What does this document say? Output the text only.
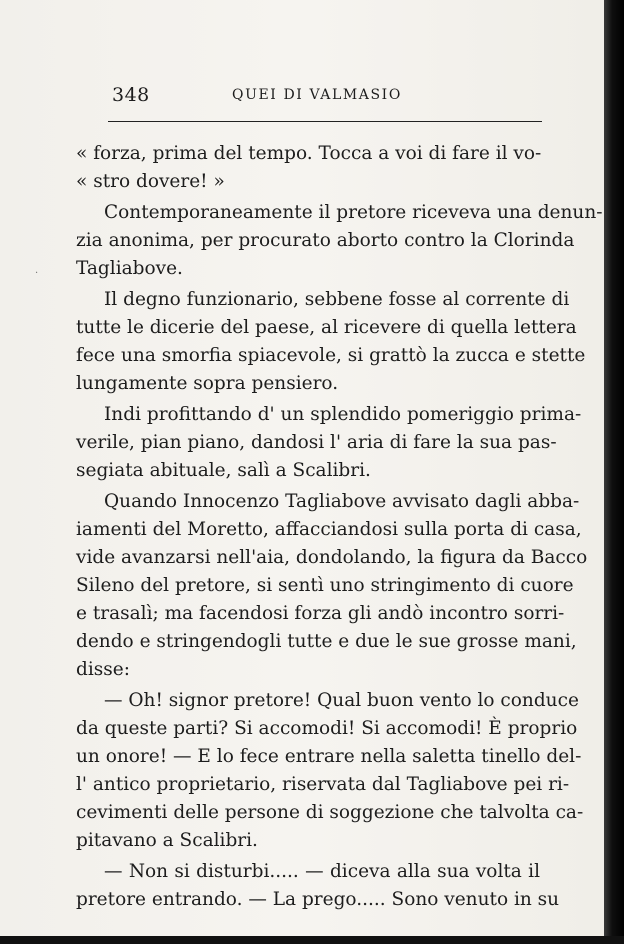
348	QUEI DI VALMASIO
·
« forza, prima del tempo. Tocca a voi di fare il vo-
« stro dovere! »
Contemporaneamente il pretore riceveva una denun-
zia anonima, per procurato aborto contro la Clorinda
Tagliabove.
Il degno funzionario, sebbene fosse al corrente di
tutte le dicerie del paese, al ricevere di quella lettera
fece una smorfia spiacevole, si grattò la zucca e stette
lungamente sopra pensiero.
Indi profittando d' un splendido pomeriggio prima-
verile, pian piano, dandosi l' aria di fare la sua pas-
segiata abituale, salì a Scalibri.
Quando Innocenzo Tagliabove avvisato dagli abba-
iamenti del Moretto, affacciandosi sulla porta di casa,
vide avanzarsi nell'aia, dondolando, la figura da Bacco
Sileno del pretore, si sentì uno stringimento di cuore
e trasalì; ma facendosi forza gli andò incontro sorri-
dendo e stringendogli tutte e due le sue grosse mani,
disse:
— Oh! signor pretore! Qual buon vento lo conduce
da queste parti? Si accomodi! Si accomodi! È proprio
un onore! — E lo fece entrare nella saletta tinello del-
l' antico proprietario, riservata dal Tagliabove pei ri-
cevimenti delle persone di soggezione che talvolta ca-
pitavano a Scalibri.
— Non si disturbi..... — diceva alla sua volta il
pretore entrando. — La prego..... Sono venuto in su
